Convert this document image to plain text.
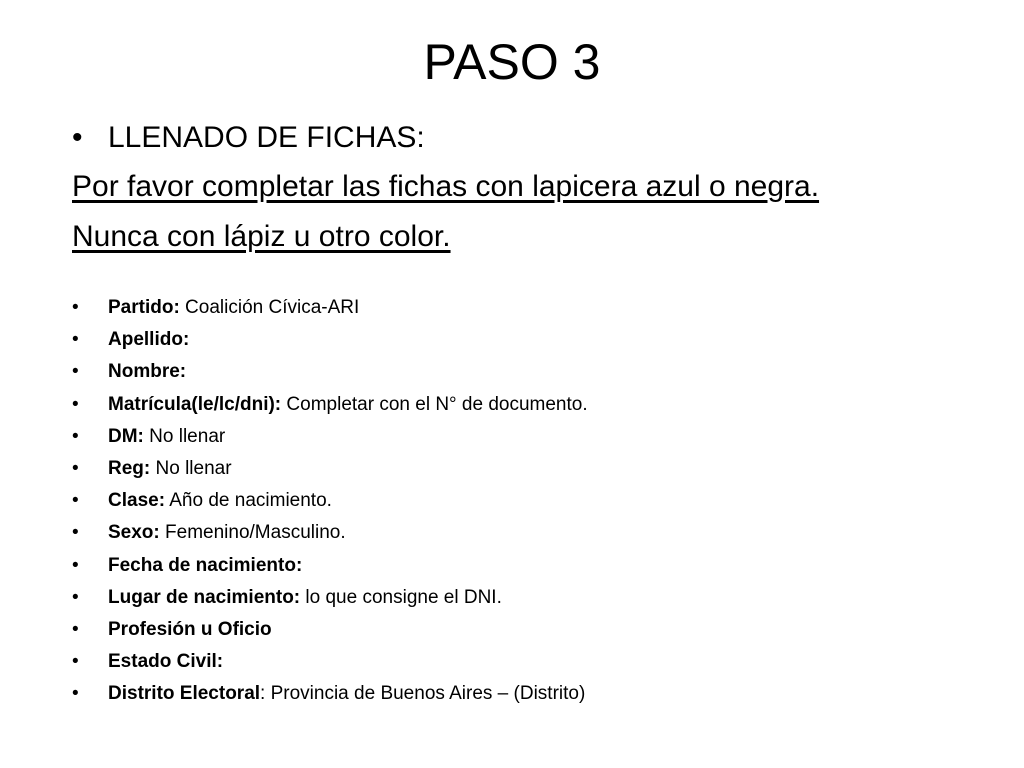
PASO 3
• LLENADO DE FICHAS:
Por favor completar las fichas con lapicera azul o negra.
Nunca con lápiz u otro color.
• Partido: Coalición Cívica-ARI
• Apellido:
• Nombre:
• Matrícula(le/lc/dni): Completar con el N° de documento.
• DM: No llenar
• Reg: No llenar
• Clase: Año de nacimiento.
• Sexo: Femenino/Masculino.
• Fecha de nacimiento:
• Lugar de nacimiento: lo que consigne el DNI.
• Profesión u Oficio
• Estado Civil:
• Distrito Electoral: Provincia de Buenos Aires – (Distrito)
